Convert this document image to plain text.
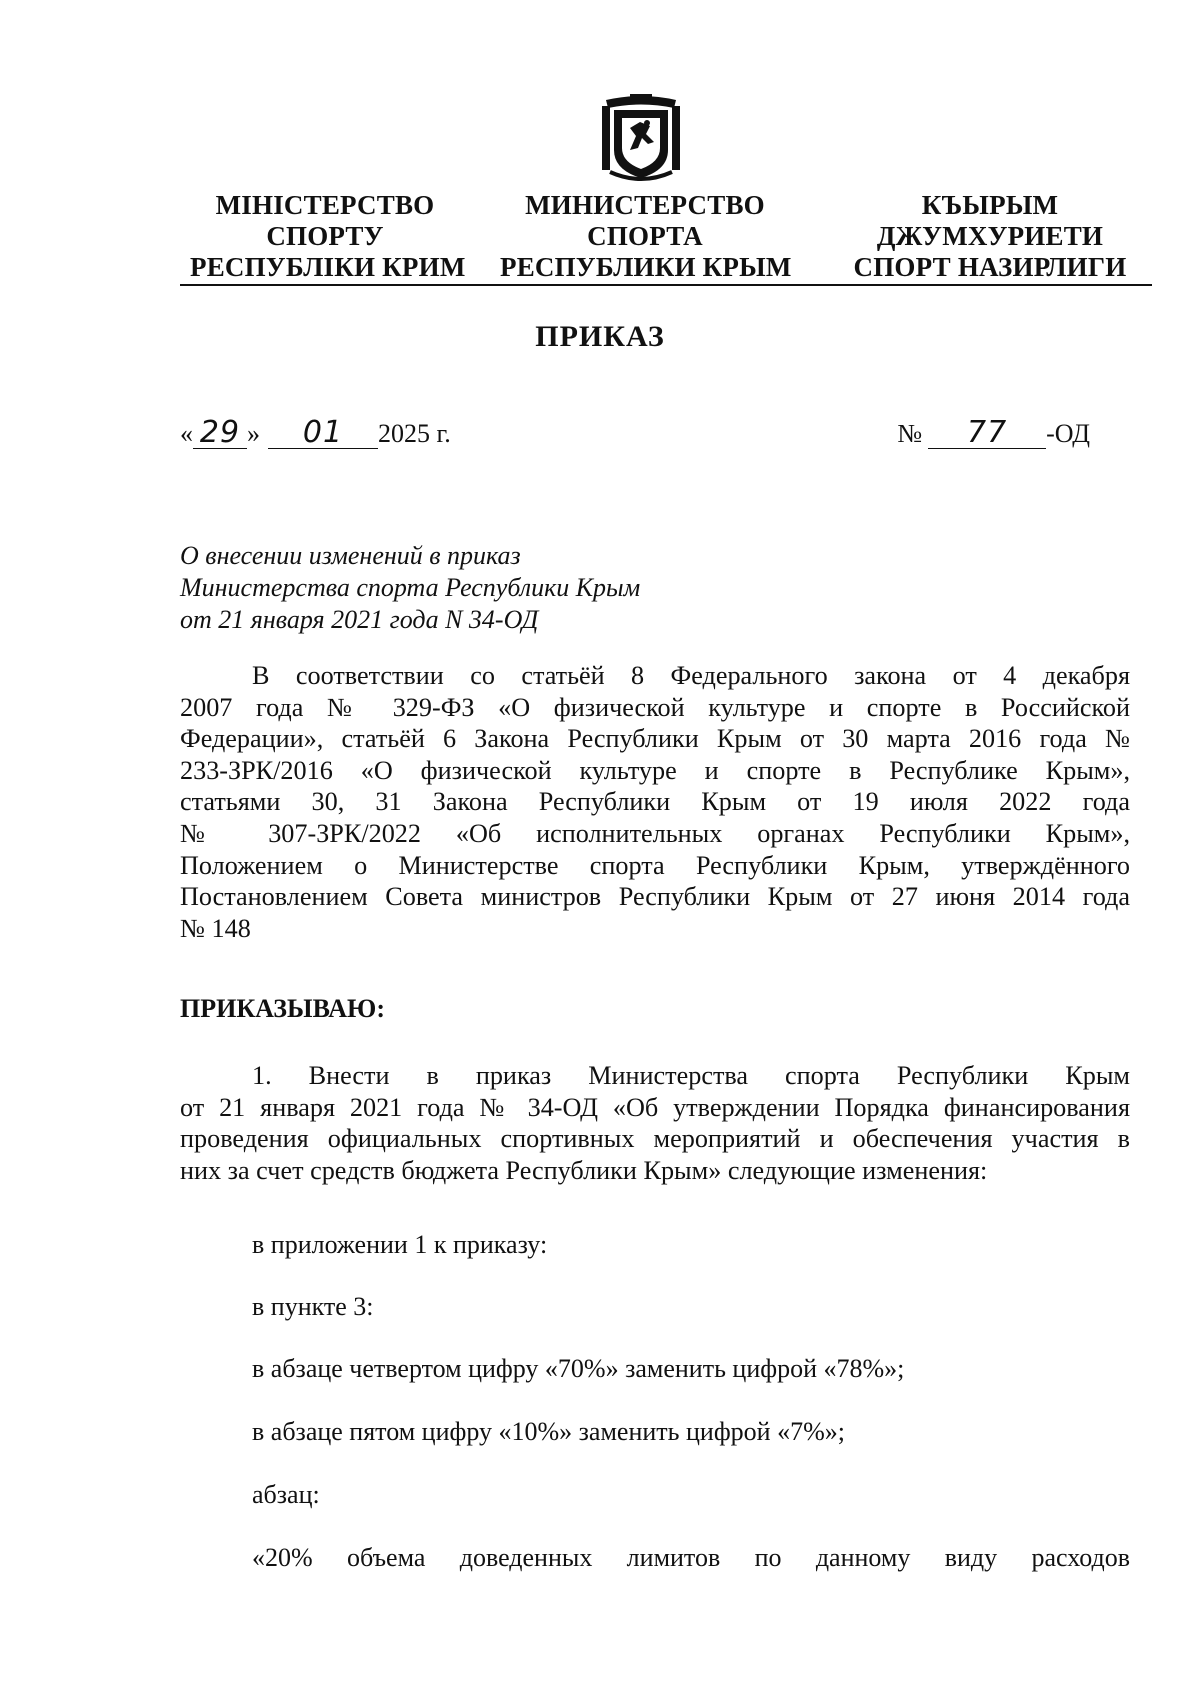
МІНІСТЕРСТВО
СПОРТУ
РЕСПУБЛІКИ КРИМ
МИНИСТЕРСТВО
СПОРТА
РЕСПУБЛИКИ КРЫМ
КЪЫРЫМ
ДЖУМХУРИЕТИ
СПОРТ НАЗИРЛИГИ
ПРИКАЗ
« 29 » 01 2025 г.	№ 77 -ОД
О внесении изменений в приказ
Министерства спорта Республики Крым
от 21 января 2021 года N 34-ОД
В соответствии со статьёй 8 Федерального закона от 4 декабря
2007 года № 329-ФЗ «О физической культуре и спорте в Российской
Федерации», статьёй 6 Закона Республики Крым от 30 марта 2016 года №
233-ЗРК/2016 «О физической культуре и спорте в Республике Крым»,
статьями 30, 31 Закона Республики Крым от 19 июля 2022 года
№ 307-ЗРК/2022 «Об исполнительных органах Республики Крым»,
Положением о Министерстве спорта Республики Крым, утверждённого
Постановлением Совета министров Республики Крым от 27 июня 2014 года
№ 148
ПРИКАЗЫВАЮ:
1. Внести в приказ Министерства спорта Республики Крым
от 21 января 2021 года № 34-ОД «Об утверждении Порядка финансирования
проведения официальных спортивных мероприятий и обеспечения участия в
них за счет средств бюджета Республики Крым» следующие изменения:
в приложении 1 к приказу:
в пункте 3:
в абзаце четвертом цифру «70%» заменить цифрой «78%»;
в абзаце пятом цифру «10%» заменить цифрой «7%»;
абзац:
«20% объема доведенных лимитов по данному виду расходов
